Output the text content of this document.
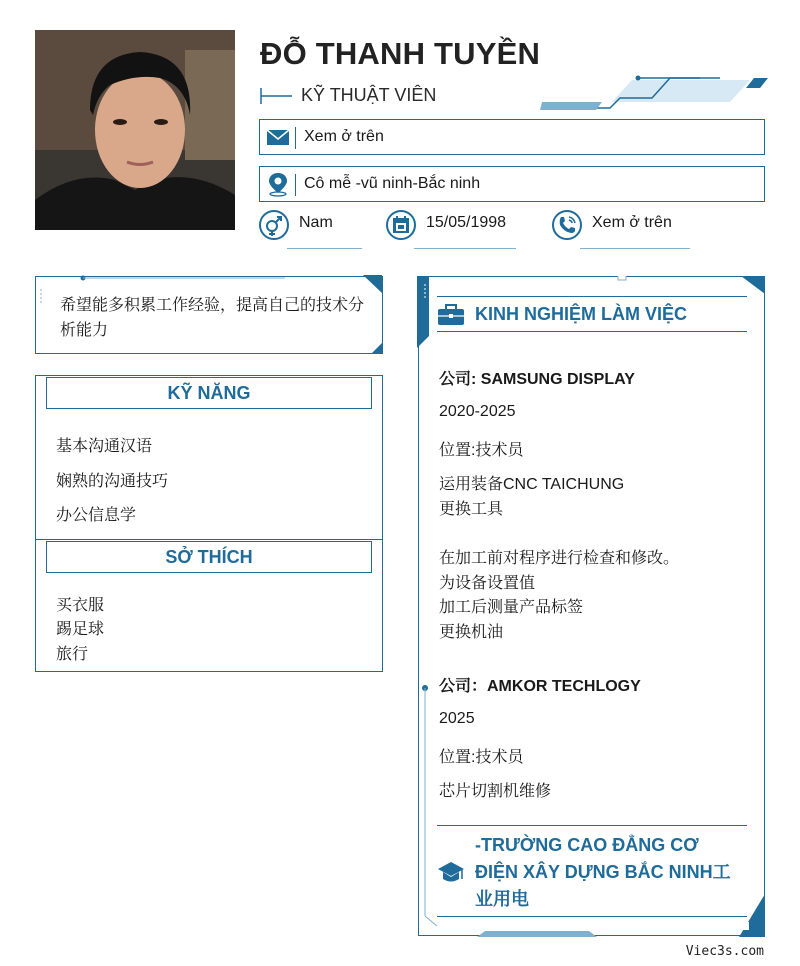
ĐỖ THANH TUYỀN
KỸ THUẬT VIÊN
Xem ở trên
Cô mễ -vũ ninh-Bắc ninh
Nam	15/05/1998	Xem ở trên
希望能多积累工作经验，提高自己的技术分析能力
KỸ NĂNG
基本沟通汉语
娴熟的沟通技巧
办公信息学
SỞ THÍCH
买衣服
踢足球
旅行
KINH NGHIỆM LÀM VIỆC
公司: SAMSUNG DISPLAY
2020-2025
位置:技术员
运用装备CNC TAICHUNG
更换工具
在加工前对程序进行检查和修改。
为设备设置值
加工后测量产品标签
更换机油
公司：AMKOR TECHLOGY
2025
位置:技术员
芯片切割机维修
-TRƯỜNG CAO ĐẲNG CƠ ĐIỆN XÂY DỰNG BẮC NINH工业用电
Viec3s.com
